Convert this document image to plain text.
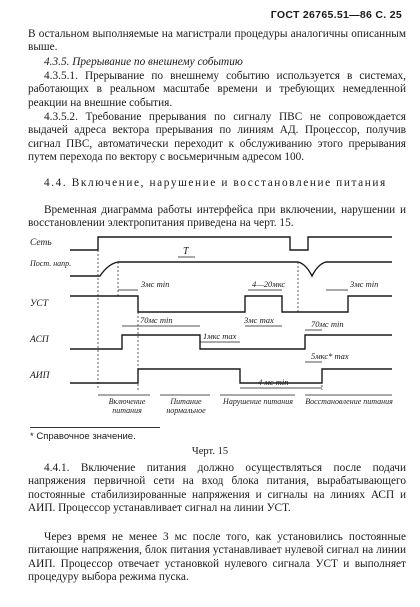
ГОСТ 26765.51—86 С. 25
В остальном выполняемые на магистрали процедуры аналогичны описанным выше.
4.3.5. Прерывание по внешнему событию
4.3.5.1. Прерывание по внешнему событию используется в системах, работающих в реальном масштабе времени и требующих немедленной реакции на внешние события.
4.3.5.2. Требование прерывания по сигналу ПВС не сопровождается выдачей адреса вектора прерывания по линиям АД. Процессор, получив сигнал ПВС, автоматически переходит к обслуживанию этого прерывания путем перехода по вектору с восьмеричным адресом 100.
4.4. Включение, нарушение и восстановление питания
Временная диаграмма работы интерфейса при включении, нарушении и восстановлении электропитания приведена на черт. 15.
Сеть
Пост. напр.
УСТ
АСП
АИП
T
4—20мкс
3мс min	3мс min
70мс min	3мс max
1мкс max
70мс min
5мкс* max
4 мс min
Включение питания
Питание нормальное
Нарушение питания Восстановление питания
* Справочное значение.
Черт. 15
4.4.1. Включение питания должно осуществляться после подачи напряжения первичной сети на вход блока питания, вырабатывающего постоянные стабилизированные напряжения и сигналы на линиях АСП и АИП. Процессор устанавливает сигнал на линии УСТ.
Через время не менее 3 мс после того, как установились постоянные питающие напряжения, блок питания устанавливает нулевой сигнал на линии АИП. Процессор отвечает установкой нулевого сигнала УСТ и выполняет процедуру выбора режима пуска.
